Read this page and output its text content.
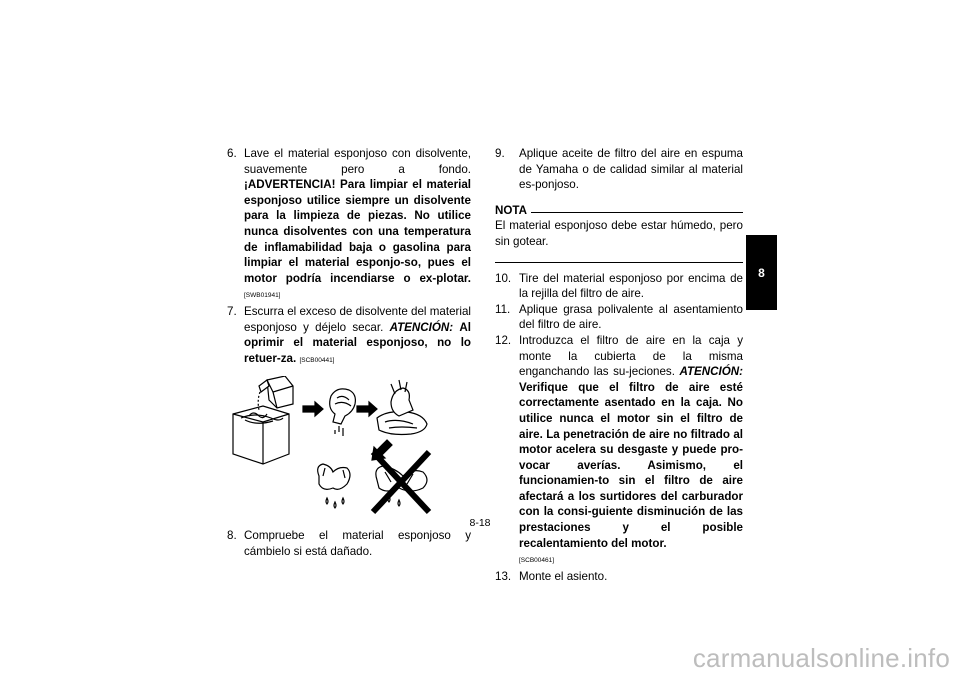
6. Lave el material esponjoso con disolvente, suavemente pero a fondo. ¡ADVERTENCIA! Para limpiar el material esponjoso utilice siempre un disolvente para la limpieza de piezas. No utilice nunca disolventes con una temperatura de inflamabilidad baja o gasolina para limpiar el material esponjo-so, pues el motor podría incendiarse o ex-plotar. [SWB01941]
7. Escurra el exceso de disolvente del material esponjoso y déjelo secar. ATENCIÓN: Al oprimir el material esponjoso, no lo retuer-za. [SCB00441]
8. Compruebe el material esponjoso y cámbielo si está dañado.
9.	Aplique aceite de filtro del aire en espuma de Yamaha o de calidad similar al material es-ponjoso.
NOTA
El material esponjoso debe estar húmedo, pero sin gotear.
10. Tire del material esponjoso por encima de la rejilla del filtro de aire.
11. Aplique grasa polivalente al asentamiento del filtro de aire.
12. Introduzca el filtro de aire en la caja y monte la cubierta de la misma enganchando las su-jeciones. ATENCIÓN: Verifique que el filtro de aire esté correctamente asentado en la caja. No utilice nunca el motor sin el filtro de aire. La penetración de aire no filtrado al motor acelera su desgaste y puede pro-vocar averías. Asimismo, el funcionamien-to sin el filtro de aire afectará a los surtidores del carburador con la consi-guiente disminución de las prestaciones y el posible recalentamiento del motor.
[SCB00461]
13. Monte el asiento.
8
8-18
carmanualsonline.info
